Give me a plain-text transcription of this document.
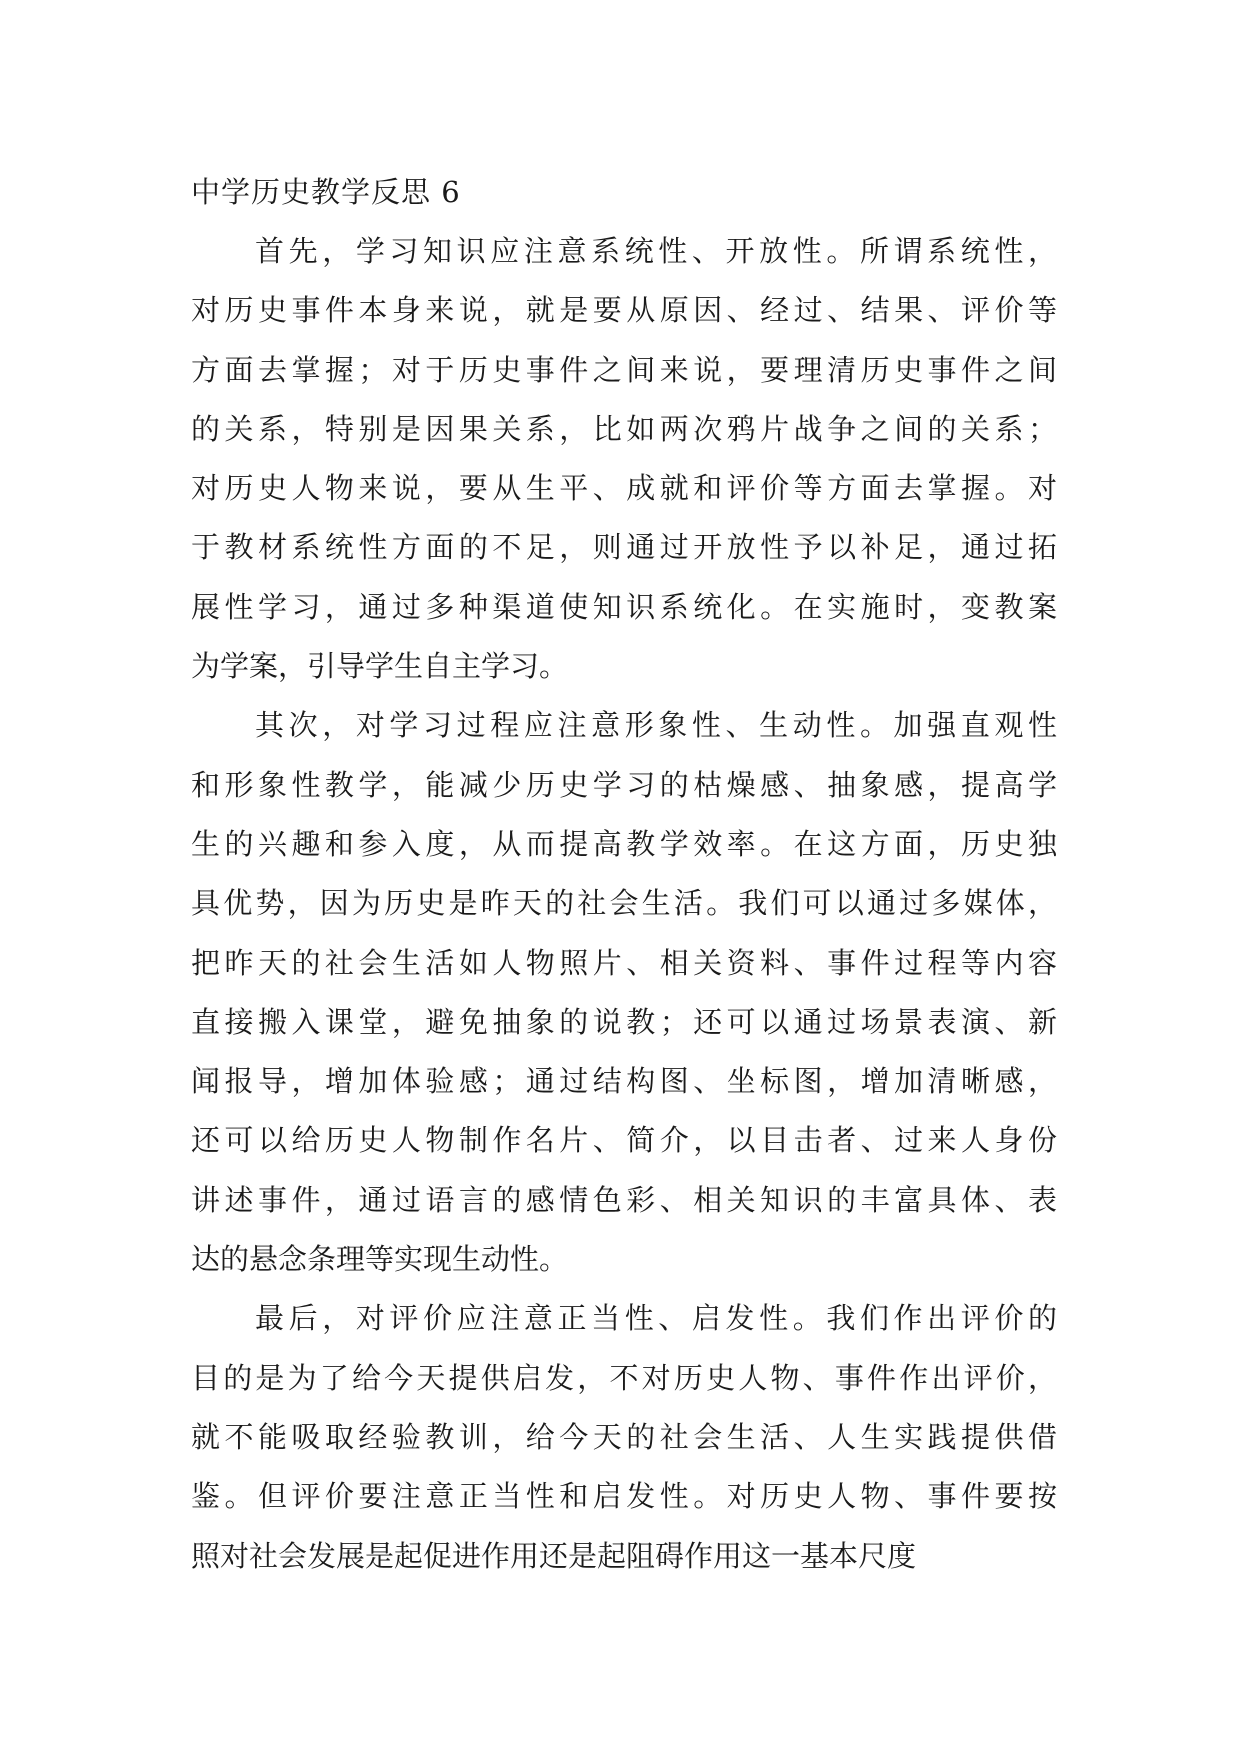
中学历史教学反思 6
首先，学习知识应注意系统性、开放性。所谓系统性，
对历史事件本身来说，就是要从原因、经过、结果、评价等
方面去掌握；对于历史事件之间来说，要理清历史事件之间
的关系，特别是因果关系，比如两次鸦片战争之间的关系；
对历史人物来说，要从生平、成就和评价等方面去掌握。对
于教材系统性方面的不足，则通过开放性予以补足，通过拓
展性学习，通过多种渠道使知识系统化。在实施时，变教案
为学案，引导学生自主学习。
其次，对学习过程应注意形象性、生动性。加强直观性
和形象性教学，能减少历史学习的枯燥感、抽象感，提高学
生的兴趣和参入度，从而提高教学效率。在这方面，历史独
具优势，因为历史是昨天的社会生活。我们可以通过多媒体，
把昨天的社会生活如人物照片、相关资料、事件过程等内容
直接搬入课堂，避免抽象的说教；还可以通过场景表演、新
闻报导，增加体验感；通过结构图、坐标图，增加清晰感，
还可以给历史人物制作名片、简介，以目击者、过来人身份
讲述事件，通过语言的感情色彩、相关知识的丰富具体、表
达的悬念条理等实现生动性。
最后，对评价应注意正当性、启发性。我们作出评价的
目的是为了给今天提供启发，不对历史人物、事件作出评价，
就不能吸取经验教训，给今天的社会生活、人生实践提供借
鉴。但评价要注意正当性和启发性。对历史人物、事件要按
照对社会发展是起促进作用还是起阻碍作用这一基本尺度
